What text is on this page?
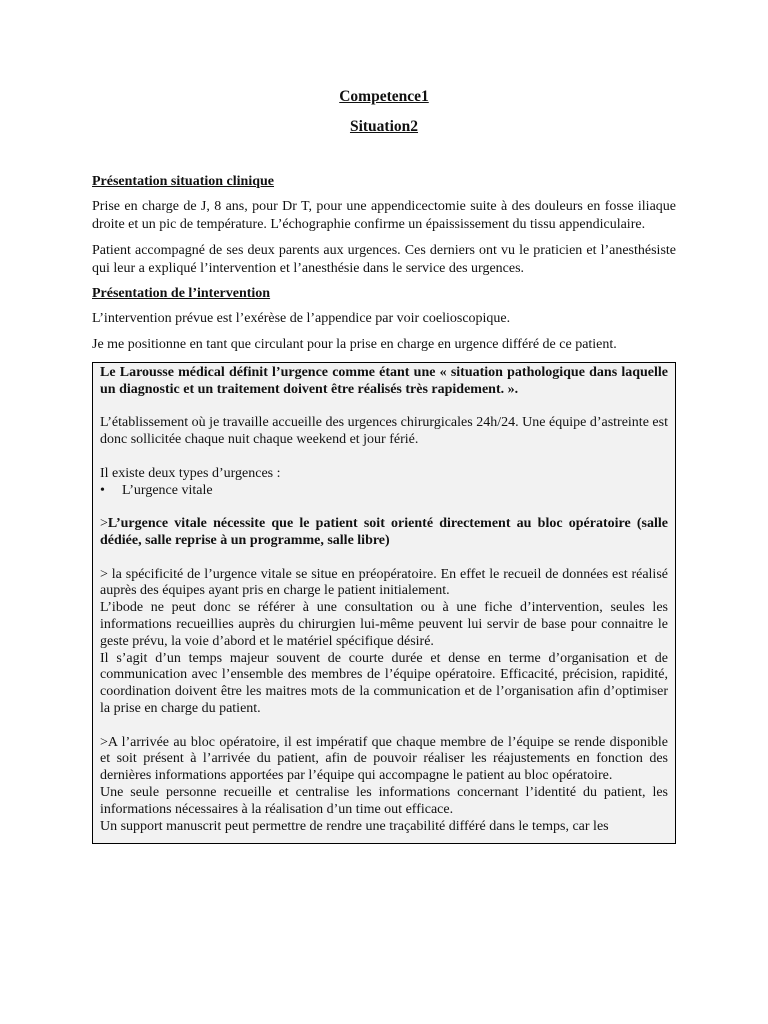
Competence1
Situation2
Présentation situation clinique

Prise en charge de J, 8 ans, pour Dr T, pour une appendicectomie suite à des douleurs en fosse iliaque droite et un pic de température. L’échographie confirme un épaississement du tissu appendiculaire.

Patient accompagné de ses deux parents aux urgences. Ces derniers ont vu le praticien et l’anesthésiste qui leur a expliqué l’intervention et l’anesthésie dans le service des urgences.

Présentation de l’intervention

L’intervention prévue est l’exérèse de l’appendice par voir coelioscopique.

Je me positionne en tant que circulant pour la prise en charge en urgence différé de ce patient.

Le Larousse médical définit l’urgence comme étant une « situation pathologique dans laquelle un diagnostic et un traitement doivent être réalisés très rapidement. ».

L’établissement où je travaille accueille des urgences chirurgicales 24h/24. Une équipe d’astreinte est donc sollicitée chaque nuit chaque weekend et jour férié.

Il existe deux types d’urgences :

•	L’urgence vitale

>L’urgence vitale nécessite que le patient soit orienté directement au bloc opératoire (salle dédiée, salle reprise à un programme, salle libre)

> la spécificité de l’urgence vitale se situe en préopératoire. En effet le recueil de données est réalisé auprès des équipes ayant pris en charge le patient initialement.

L’ibode ne peut donc se référer à une consultation ou à une fiche d’intervention, seules les informations recueillies auprès du chirurgien lui-même peuvent lui servir de base pour connaitre le geste prévu, la voie d’abord et le matériel spécifique désiré.

Il s’agit d’un temps majeur souvent de courte durée et dense en terme d’organisation et de communication avec l’ensemble des membres de l’équipe opératoire. Efficacité, précision, rapidité, coordination doivent être les maitres mots de la communication et de l’organisation afin d’optimiser la prise en charge du patient.

>A l’arrivée au bloc opératoire, il est impératif que chaque membre de l’équipe se rende disponible et soit présent à l’arrivée du patient, afin de pouvoir réaliser les réajustements en fonction des dernières informations apportées par l’équipe qui accompagne le patient au bloc opératoire.

Une seule personne recueille et centralise les informations concernant l’identité du patient, les informations nécessaires à la réalisation d’un time out efficace.

Un support manuscrit peut permettre de rendre une traçabilité différé dans le temps, car les
